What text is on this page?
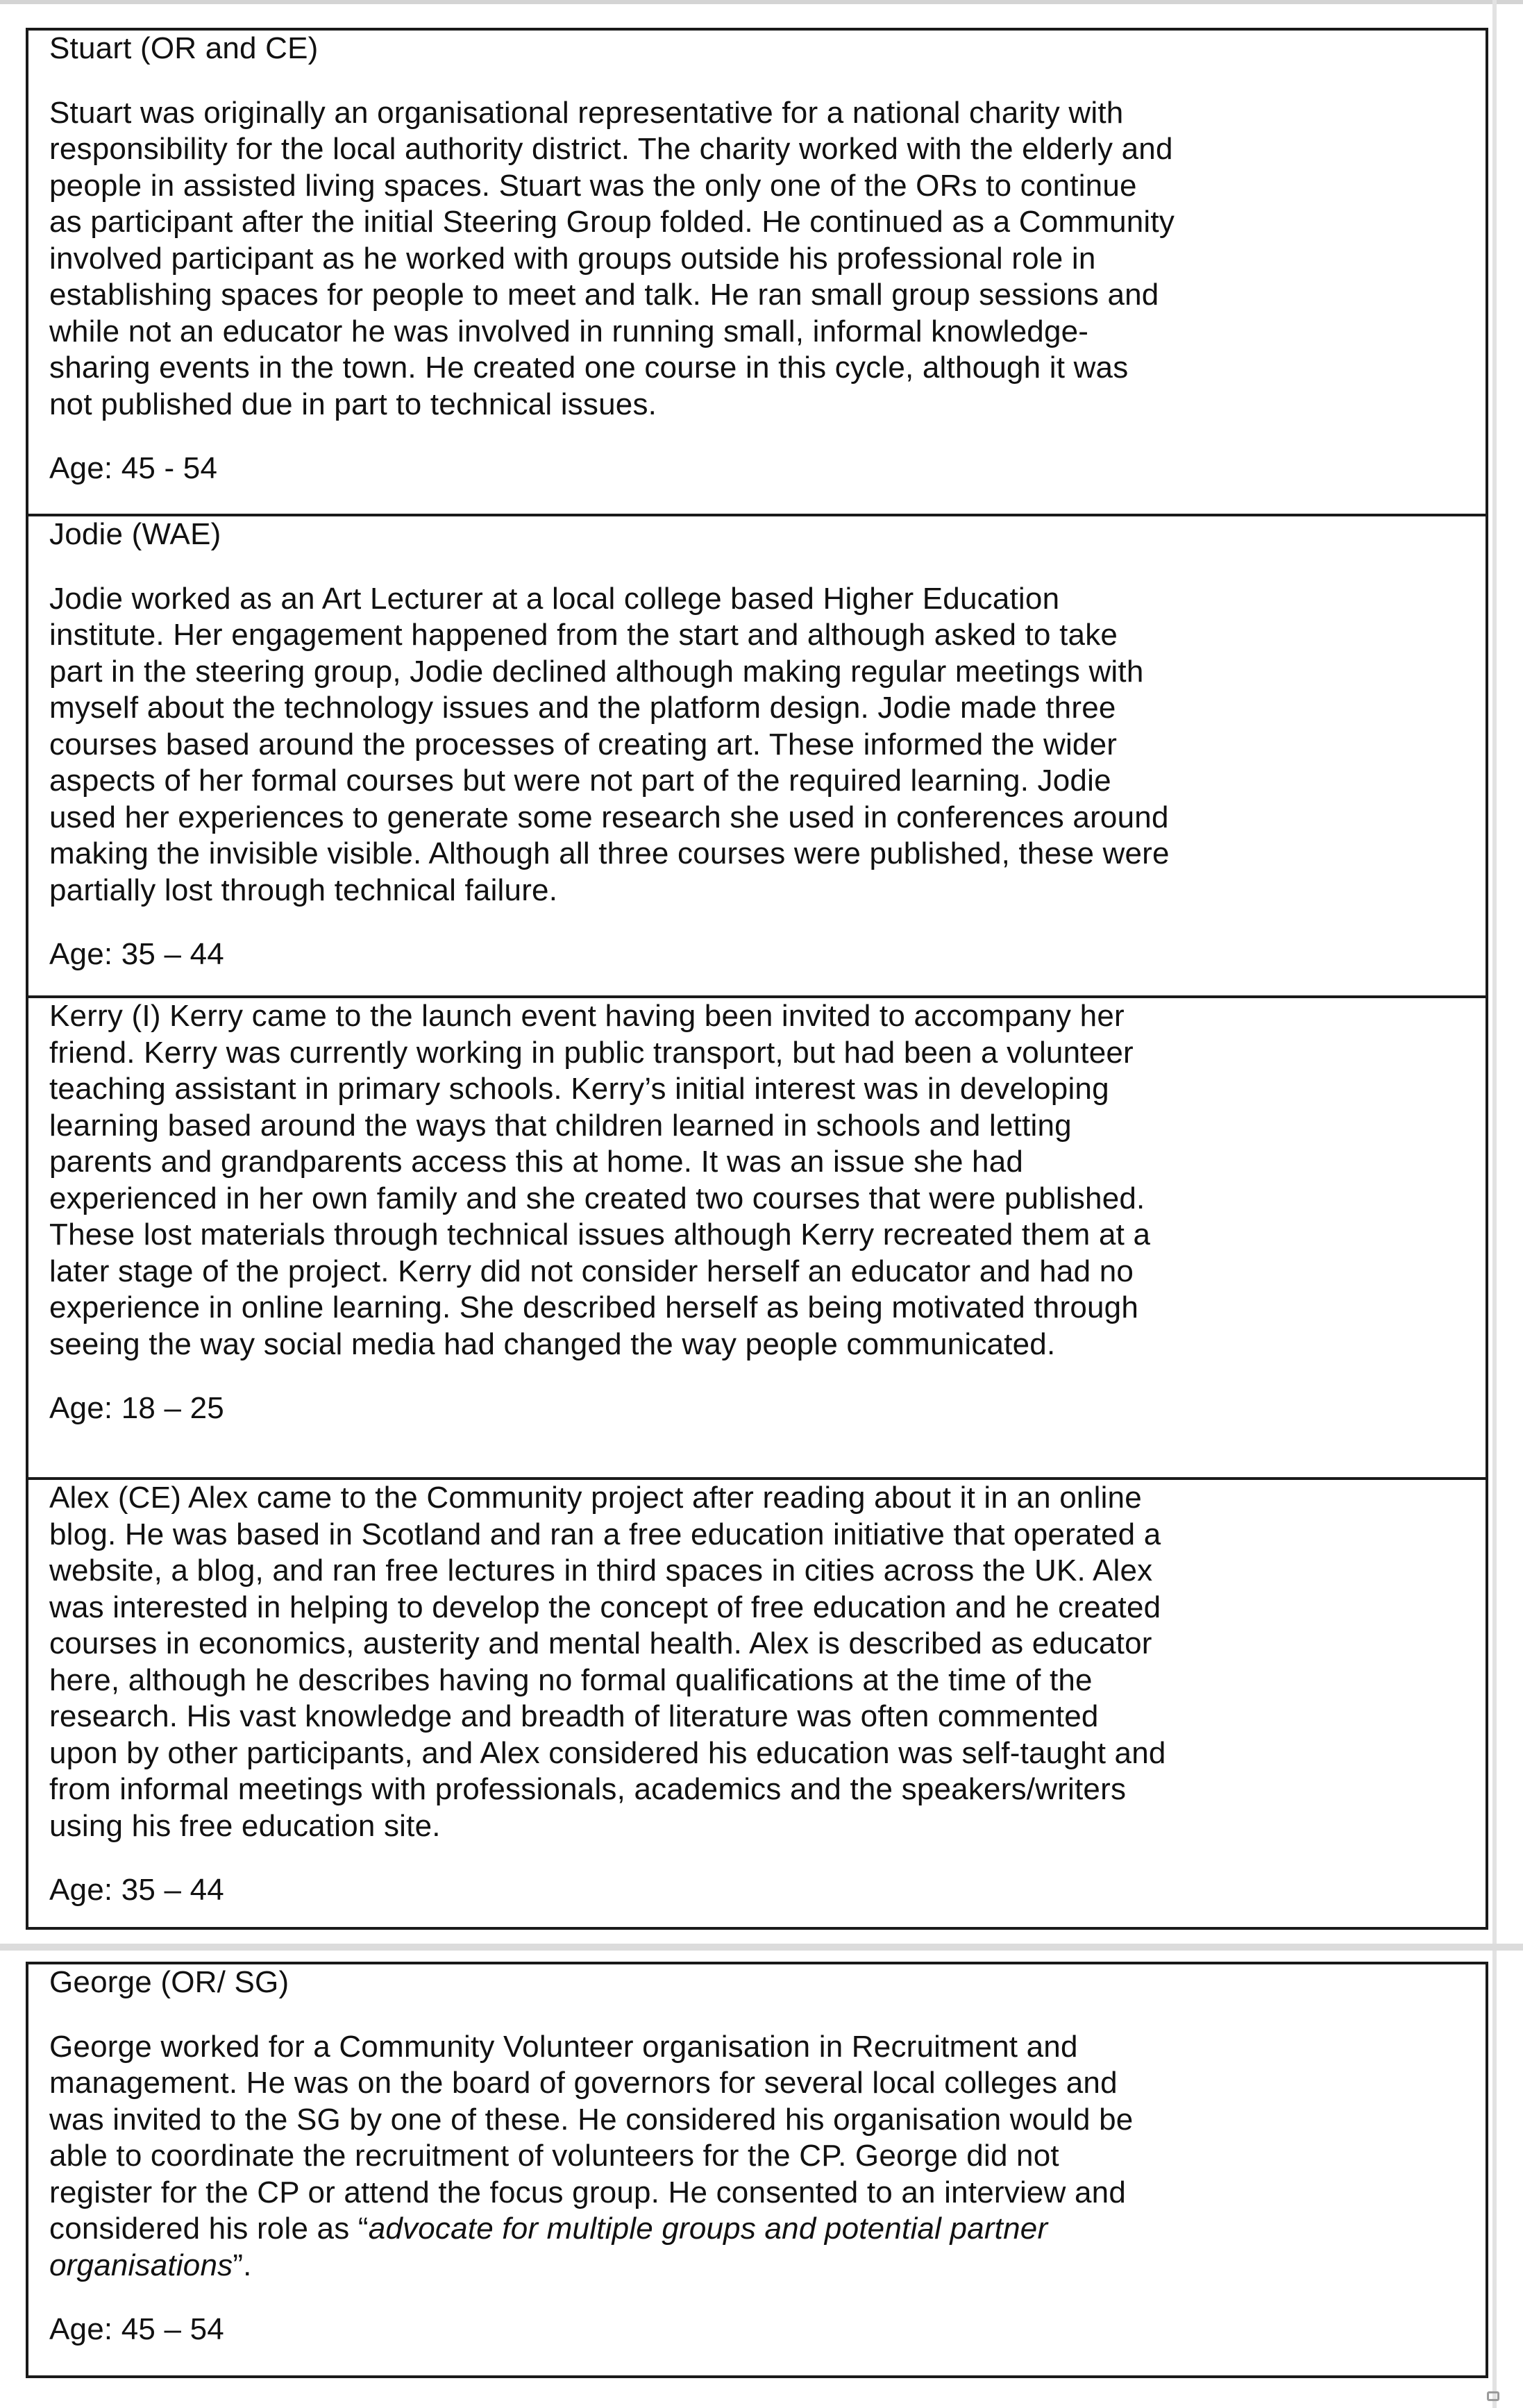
Stuart (OR and CE)

Stuart was originally an organisational representative for a national charity with

responsibility for the local authority district. The charity worked with the elderly and

people in assisted living spaces. Stuart was the only one of the ORs to continue

as participant after the initial Steering Group folded. He continued as a Community

involved participant as he worked with groups outside his professional role in

establishing spaces for people to meet and talk. He ran small group sessions and

while not an educator he was involved in running small, informal knowledge-

sharing events in the town. He created one course in this cycle, although it was

not published due in part to technical issues.

Age: 45 - 54

Jodie (WAE)

Jodie worked as an Art Lecturer at a local college based Higher Education

institute. Her engagement happened from the start and although asked to take

part in the steering group, Jodie declined although making regular meetings with

myself about the technology issues and the platform design. Jodie made three

courses based around the processes of creating art. These informed the wider

aspects of her formal courses but were not part of the required learning. Jodie

used her experiences to generate some research she used in conferences around

making the invisible visible. Although all three courses were published, these were

partially lost through technical failure.

Age: 35 – 44

Kerry (I) Kerry came to the launch event having been invited to accompany her

friend. Kerry was currently working in public transport, but had been a volunteer

teaching assistant in primary schools. Kerry’s initial interest was in developing

learning based around the ways that children learned in schools and letting

parents and grandparents access this at home. It was an issue she had

experienced in her own family and she created two courses that were published.

These lost materials through technical issues although Kerry recreated them at a

later stage of the project. Kerry did not consider herself an educator and had no

experience in online learning. She described herself as being motivated through

seeing the way social media had changed the way people communicated.

Age: 18 – 25

Alex (CE) Alex came to the Community project after reading about it in an online

blog. He was based in Scotland and ran a free education initiative that operated a

website, a blog, and ran free lectures in third spaces in cities across the UK. Alex

was interested in helping to develop the concept of free education and he created

courses in economics, austerity and mental health. Alex is described as educator

here, although he describes having no formal qualifications at the time of the

research. His vast knowledge and breadth of literature was often commented

upon by other participants, and Alex considered his education was self-taught and

from informal meetings with professionals, academics and the speakers/writers

using his free education site.

Age: 35 – 44

George (OR/ SG)

George worked for a Community Volunteer organisation in Recruitment and

management. He was on the board of governors for several local colleges and

was invited to the SG by one of these. He considered his organisation would be

able to coordinate the recruitment of volunteers for the CP. George did not

register for the CP or attend the focus group. He consented to an interview and

considered his role as “advocate for multiple groups and potential partner

organisations”.

Age: 45 – 54
